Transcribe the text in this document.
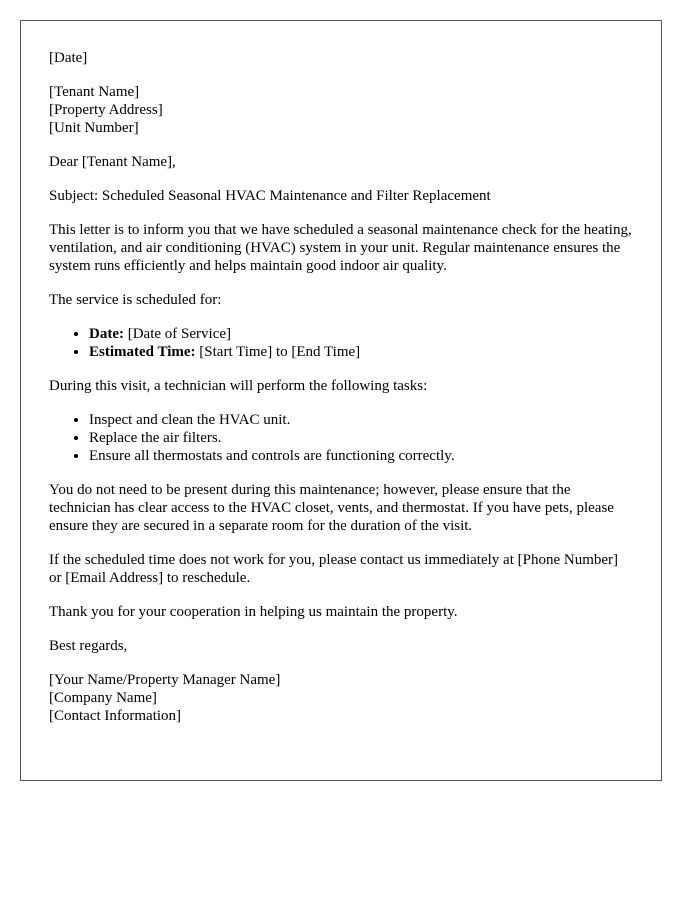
[Date]

[Tenant Name]
[Property Address]
[Unit Number]

Dear [Tenant Name],

Subject: Scheduled Seasonal HVAC Maintenance and Filter Replacement

This letter is to inform you that we have scheduled a seasonal maintenance check for the heating, ventilation, and air conditioning (HVAC) system in your unit. Regular maintenance ensures the system runs efficiently and helps maintain good indoor air quality.

The service is scheduled for:

• Date: [Date of Service]
• Estimated Time: [Start Time] to [End Time]

During this visit, a technician will perform the following tasks:

• Inspect and clean the HVAC unit.
• Replace the air filters.
• Ensure all thermostats and controls are functioning correctly.

You do not need to be present during this maintenance; however, please ensure that the technician has clear access to the HVAC closet, vents, and thermostat. If you have pets, please ensure they are secured in a separate room for the duration of the visit.

If the scheduled time does not work for you, please contact us immediately at [Phone Number] or [Email Address] to reschedule.

Thank you for your cooperation in helping us maintain the property.

Best regards,

[Your Name/Property Manager Name]
[Company Name]
[Contact Information]
